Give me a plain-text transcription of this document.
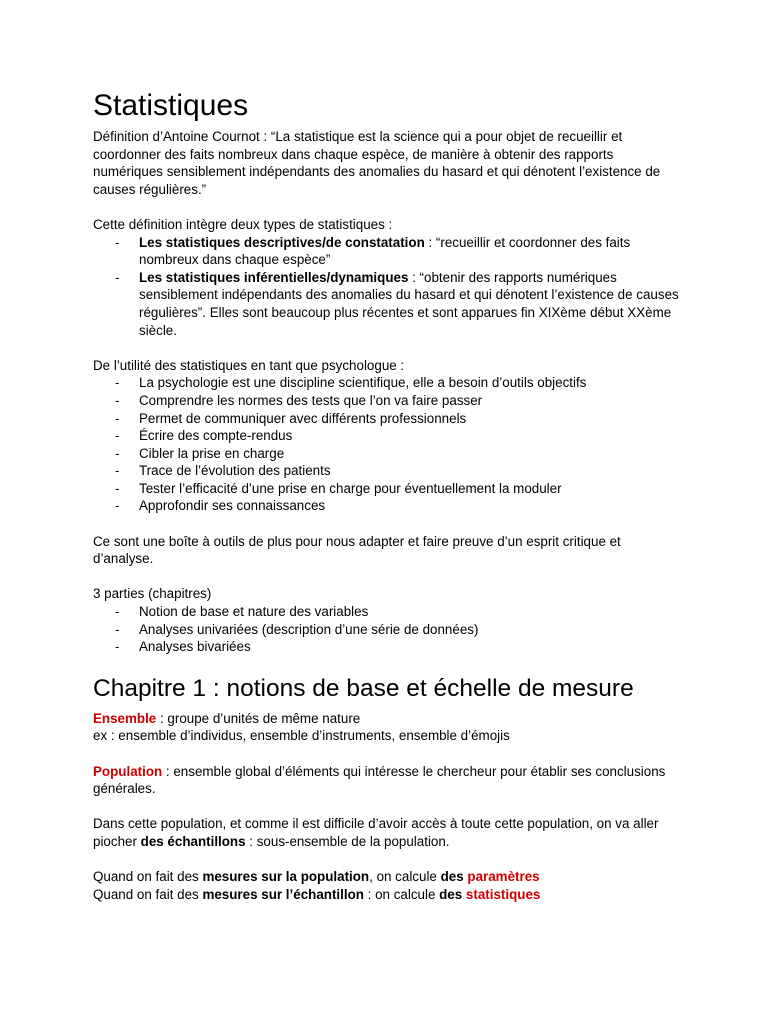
Statistiques

Définition d’Antoine Cournot : “La statistique est la science qui a pour objet de recueillir et coordonner des faits nombreux dans chaque espèce, de manière à obtenir des rapports numériques sensiblement indépendants des anomalies du hasard et qui dénotent l’existence de causes régulières.”

Cette définition intègre deux types de statistiques :

- Les statistiques descriptives/de constatation : “recueillir et coordonner des faits nombreux dans chaque espèce”
- Les statistiques inférentielles/dynamiques : “obtenir des rapports numériques sensiblement indépendants des anomalies du hasard et qui dénotent l’existence de causes régulières”. Elles sont beaucoup plus récentes et sont apparues fin XIXème début XXème siècle.

De l’utilité des statistiques en tant que psychologue :

- La psychologie est une discipline scientifique, elle a besoin d’outils objectifs
- Comprendre les normes des tests que l’on va faire passer
- Permet de communiquer avec différents professionnels
- Écrire des compte-rendus
- Cibler la prise en charge
- Trace de l’évolution des patients
- Tester l’efficacité d’une prise en charge pour éventuellement la moduler
- Approfondir ses connaissances

Ce sont une boîte à outils de plus pour nous adapter et faire preuve d’un esprit critique et d’analyse.

3 parties (chapitres)

- Notion de base et nature des variables
- Analyses univariées (description d’une série de données)
- Analyses bivariées
Chapitre 1 : notions de base et échelle de mesure

Ensemble : groupe d’unités de même nature

ex : ensemble d’individus, ensemble d’instruments, ensemble d’émojis

Population : ensemble global d’éléments qui intéresse le chercheur pour établir ses conclusions générales.

Dans cette population, et comme il est difficile d’avoir accès à toute cette population, on va aller piocher des échantillons : sous-ensemble de la population.

Quand on fait des mesures sur la population, on calcule des paramètres

Quand on fait des mesures sur l’échantillon : on calcule des statistiques
